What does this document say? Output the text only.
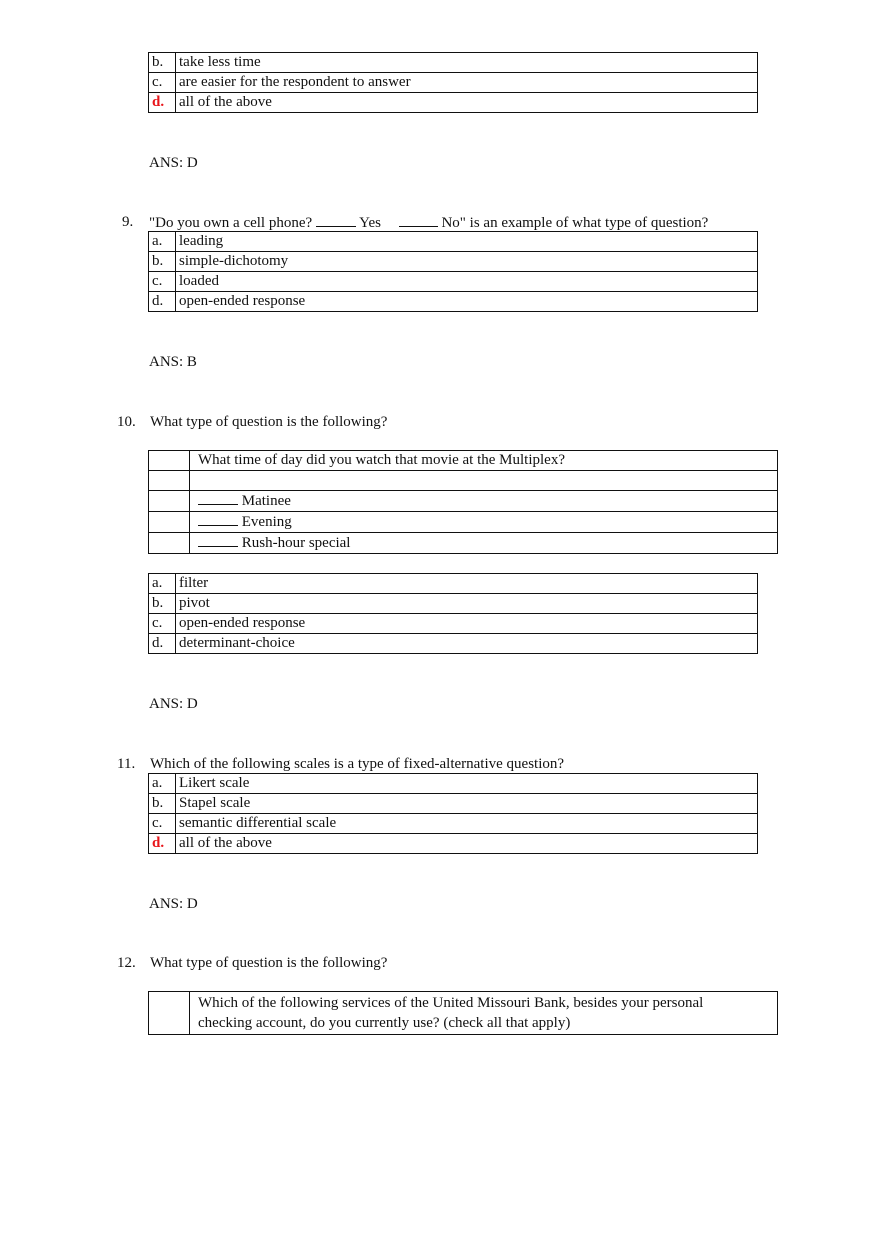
b.	take less time
c.	are easier for the respondent to answer
d.	all of the above
ANS: D
9. "Do you own a cell phone?	Yes	No" is an example of what type of question?
a.	leading
b.	simple-dichotomy
c.	loaded
d.	open-ended response
ANS: B
10. What type of question is the following?
	What time of day did you watch that movie at the Multiplex?

	Matinee
	Evening
	Rush-hour special
a.	filter
b.	pivot
c.	open-ended response
d.	determinant-choice
ANS: D
11. Which of the following scales is a type of fixed-alternative question?
a.	Likert scale
b.	Stapel scale
c.	semantic differential scale
d.	all of the above
ANS: D
12. What type of question is the following?

Which of the following services of the United Missouri Bank, besides your personal
checking account, do you currently use? (check all that apply)
